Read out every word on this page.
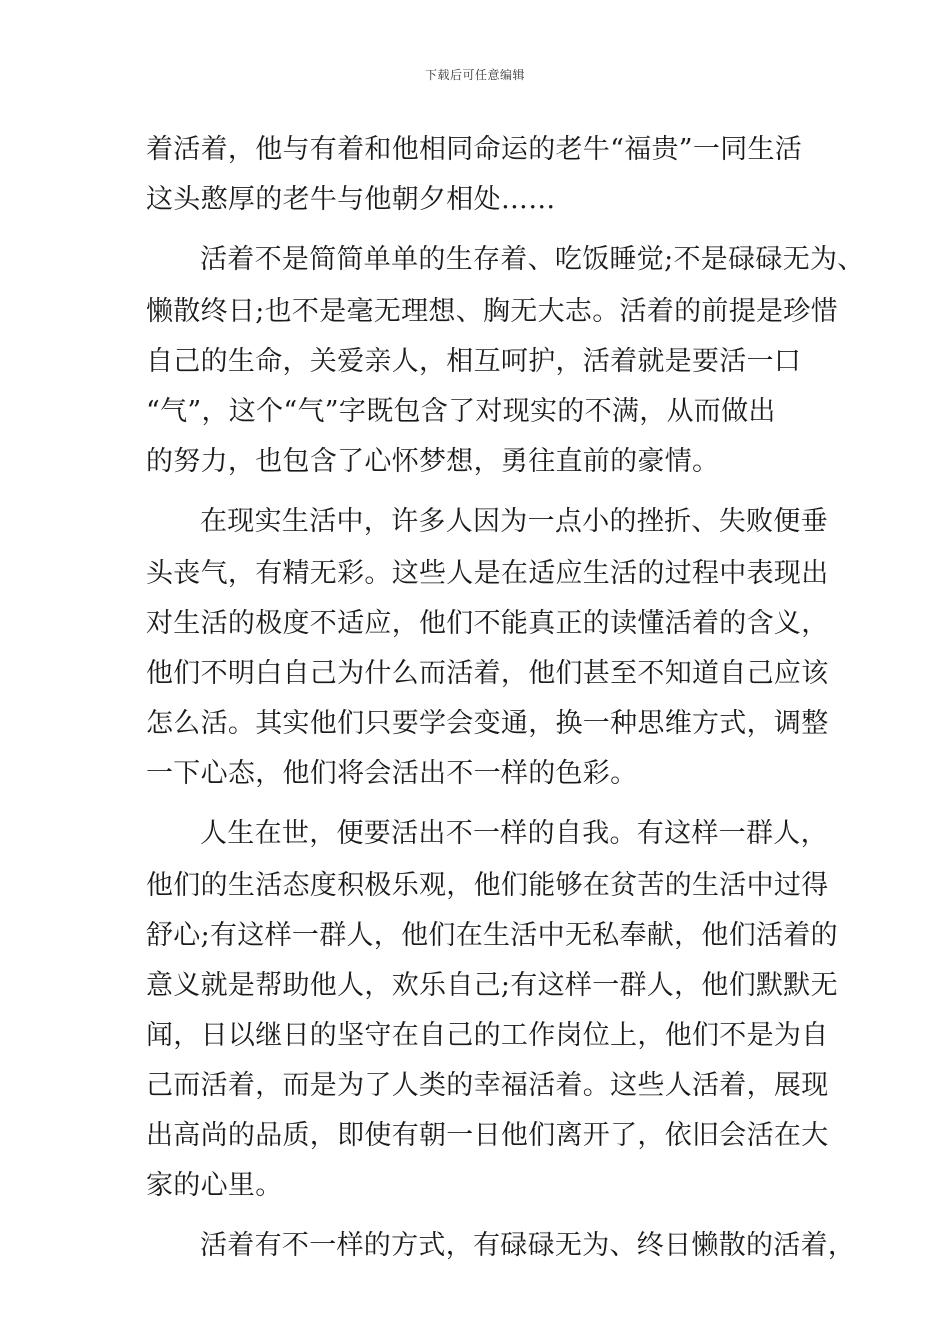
下载后可任意编辑
着活着，他与有着和他相同命运的老牛“福贵”一同生活
这头憨厚的老牛与他朝夕相处……
活着不是简简单单的生存着、吃饭睡觉;不是碌碌无为、
懒散终日;也不是毫无理想、胸无大志。活着的前提是珍惜
自己的生命，关爱亲人，相互呵护，活着就是要活一口
“气”，这个“气”字既包含了对现实的不满，从而做出
的努力，也包含了心怀梦想，勇往直前的豪情。
在现实生活中，许多人因为一点小的挫折、失败便垂
头丧气，有精无彩。这些人是在适应生活的过程中表现出
对生活的极度不适应，他们不能真正的读懂活着的含义，
他们不明白自己为什么而活着，他们甚至不知道自己应该
怎么活。其实他们只要学会变通，换一种思维方式，调整
一下心态，他们将会活出不一样的色彩。
人生在世，便要活出不一样的自我。有这样一群人，
他们的生活态度积极乐观，他们能够在贫苦的生活中过得
舒心;有这样一群人，他们在生活中无私奉献，他们活着的
意义就是帮助他人，欢乐自己;有这样一群人，他们默默无
闻，日以继日的坚守在自己的工作岗位上，他们不是为自
己而活着，而是为了人类的幸福活着。这些人活着，展现
出高尚的品质，即使有朝一日他们离开了，依旧会活在大
家的心里。
活着有不一样的方式，有碌碌无为、终日懒散的活着，
